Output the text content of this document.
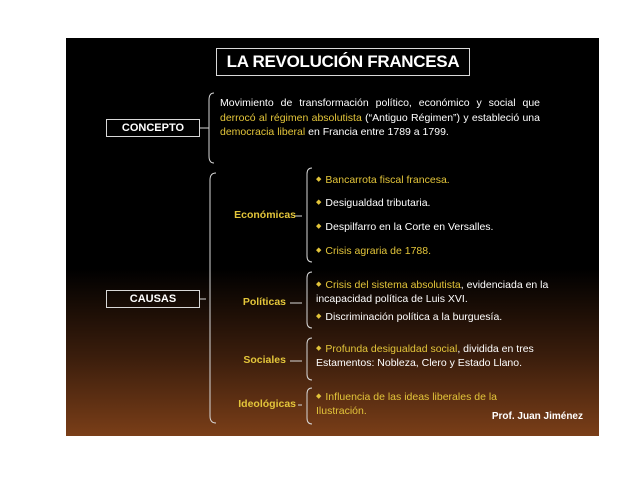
LA REVOLUCIÓN FRANCESA
CONCEPTO
Movimiento de transformación político, económico y social que derrocó al régimen absolutista (“Antiguo Régimen”) y estableció una democracia liberal en Francia entre 1789 a 1799.
CAUSAS
Económicas
◆ Bancarrota fiscal francesa.
◆ Desigualdad tributaria.
◆ Despilfarro en la Corte en Versalles.
◆ Crisis agraria de 1788.
Políticas
◆ Crisis del sistema absolutista, evidenciada en la incapacidad política de Luis XVI.
◆ Discriminación política a la burguesía.
Sociales
◆ Profunda desigualdad social, dividida en tres Estamentos: Nobleza, Clero y Estado Llano.
Ideológicas
◆ Influencia de las ideas liberales de la Ilustración.	Prof. Juan Jiménez
